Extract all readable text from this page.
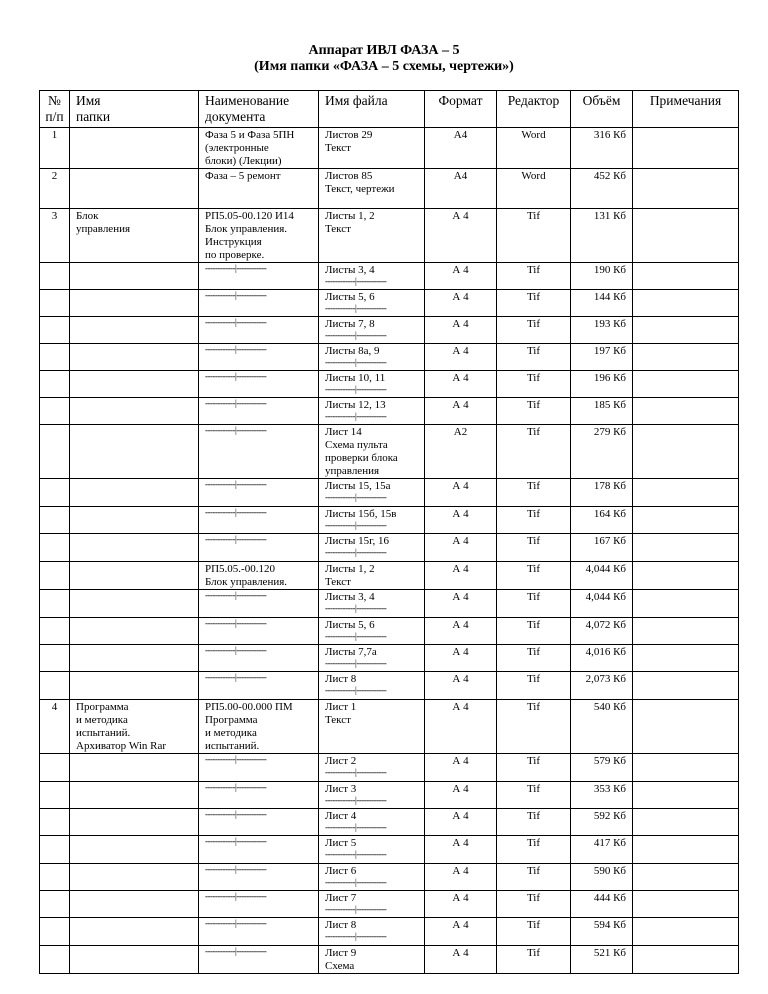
Аппарат ИВЛ ФАЗА – 5
(Имя папки «ФАЗА – 5 схемы, чертежи»)
№
п/п	Имя
папки	Наименование
документа	Имя файла	Формат	Редактор	Объём	Примечания
1		Фаза 5 и Фаза 5ПН
(электронные
блоки) (Лекции)	Листов 29
Текст	А4	Word	316 Кб	
2		Фаза – 5 ремонт	Листов 85
Текст, чертежи	А4	Word	452 Кб	
3	Блок
управления	РП5.05-00.120 И14
Блок управления.
Инструкция
по проверке.	Листы 1, 2
Текст	А 4	Tif	131 Кб	

		------------|------------	Листы 3, 4
------------|------------	А 4	Tif	190 Кб	

		------------|------------	Листы 5, 6
------------|------------	А 4	Tif	144 Кб	

		------------|------------	Листы 7, 8
------------|------------	А 4	Tif	193 Кб	

		------------|------------	Листы 8а, 9
------------|------------	А 4	Tif	197 Кб	

		------------|------------	Листы 10, 11
------------|------------	А 4	Tif	196 Кб	

		------------|------------	Листы 12, 13
------------|------------	А 4	Tif	185 Кб	

		------------|------------	Лист 14
Схема пульта
проверки блока
управления	А2	Tif	279 Кб	

		------------|------------	Листы 15, 15а
------------|------------	А 4	Tif	178 Кб	

		------------|------------	Листы 15б, 15в
------------|------------	А 4	Tif	164 Кб	

		------------|------------	Листы 15г, 16
------------|------------	А 4	Tif	167 Кб	

		РП5.05.-00.120
Блок управления.	Листы 1, 2
Текст	А 4	Tif	4,044 Кб	

		------------|------------	Листы 3, 4
------------|------------	А 4	Tif	4,044 Кб	

		------------|------------	Листы 5, 6
------------|------------	А 4	Tif	4,072 Кб	

		------------|------------	Листы 7,7а
------------|------------	А 4	Tif	4,016 Кб	

		------------|------------	Лист 8
------------|------------	А 4	Tif	2,073 Кб	
4	Программа
и методика
испытаний.
Архиватор Win Rar	РП5.00-00.000 ПМ
Программа
и методика
испытаний.	Лист 1
Текст	А 4	Tif	540 Кб	

		------------|------------	Лист 2
------------|------------	А 4	Tif	579 Кб	

		------------|------------	Лист 3
------------|------------	А 4	Tif	353 Кб	

		------------|------------	Лист 4
------------|------------	А 4	Tif	592 Кб	

		------------|------------	Лист 5
------------|------------	А 4	Tif	417 Кб	

		------------|------------	Лист 6
------------|------------	А 4	Tif	590 Кб	

		------------|------------	Лист 7
------------|------------	А 4	Tif	444 Кб	

		------------|------------	Лист 8
------------|------------	А 4	Tif	594 Кб	

		------------|------------	Лист 9
Схема	А 4	Tif	521 Кб	
